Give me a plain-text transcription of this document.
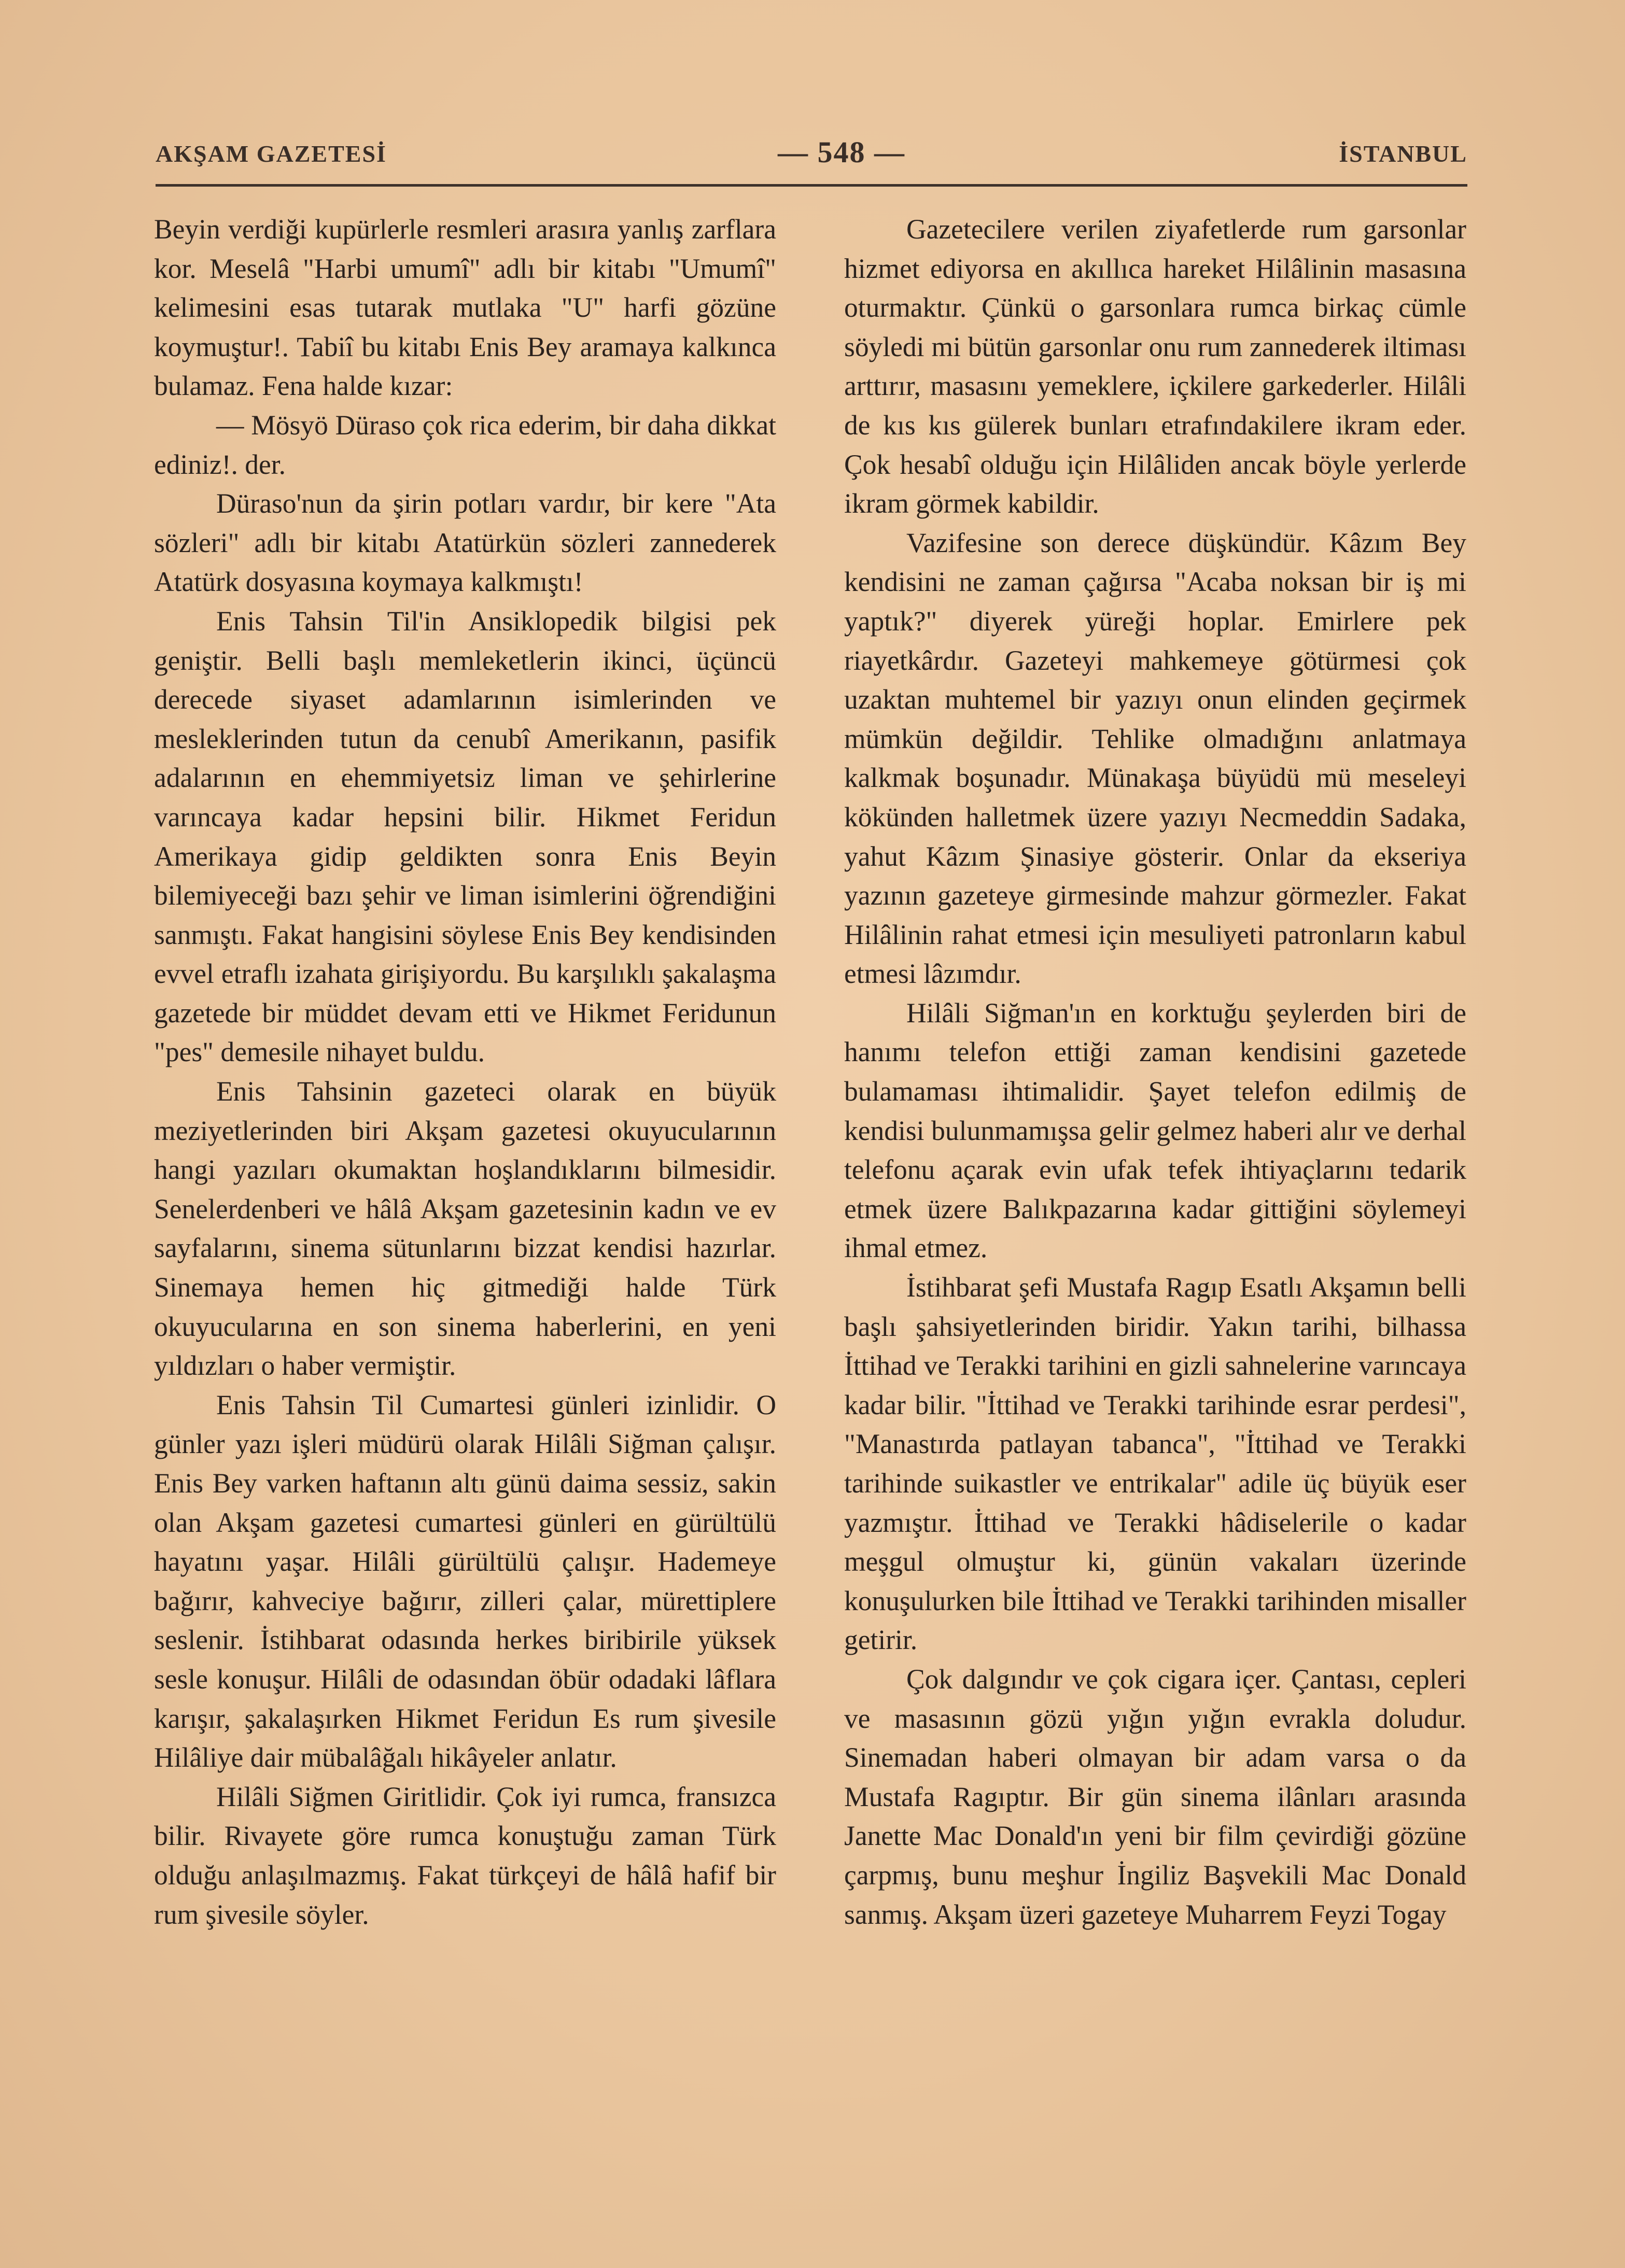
AKŞAM GAZETESİ	— 548 —	İSTANBUL

Beyin verdiği kupürlerle resmleri arasıra yanlış zarflara kor. Meselâ "Harbi umumî" adlı bir kitabı "Umumî" kelimesini esas tutarak mutlaka "U" harfi gözüne koymuştur!. Tabiî bu kitabı Enis Bey aramaya kalkınca bulamaz. Fena halde kızar:

— Mösyö Düraso çok rica ederim, bir daha dikkat ediniz!. der.

Düraso'nun da şirin potları vardır, bir kere "Ata sözleri" adlı bir kitabı Atatürkün sözleri zannederek Atatürk dosyasına koymaya kalkmıştı!

Enis Tahsin Til'in Ansiklopedik bilgisi pek geniştir. Belli başlı memleketlerin ikinci, üçüncü derecede siyaset adamlarının isimlerinden ve mesleklerinden tutun da cenubî Amerikanın, pasifik adalarının en ehemmiyetsiz liman ve şehirlerine varıncaya kadar hepsini bilir. Hikmet Feridun Amerikaya gidip geldikten sonra Enis Beyin bilemiyeceği bazı şehir ve liman isimlerini öğrendiğini sanmıştı. Fakat hangisini söylese Enis Bey kendisinden evvel etraflı izahata girişiyordu. Bu karşılıklı şakalaşma gazetede bir müddet devam etti ve Hikmet Feridunun "pes" demesile nihayet buldu.

Enis Tahsinin gazeteci olarak en büyük meziyetlerinden biri Akşam gazetesi okuyucularının hangi yazıları okumaktan hoşlandıklarını bilmesidir. Senelerdenberi ve hâlâ Akşam gazetesinin kadın ve ev sayfalarını, sinema sütunlarını bizzat kendisi hazırlar. Sinemaya hemen hiç gitmediği halde Türk okuyucularına en son sinema haberlerini, en yeni yıldızları o haber vermiştir.

Enis Tahsin Til Cumartesi günleri izinlidir. O günler yazı işleri müdürü olarak Hilâli Siğman çalışır. Enis Bey varken haftanın altı günü daima sessiz, sakin olan Akşam gazetesi cumartesi günleri en gürültülü hayatını yaşar. Hilâli gürültülü çalışır. Hademeye bağırır, kahveciye bağırır, zilleri çalar, mürettiplere seslenir. İstihbarat odasında herkes biribirile yüksek sesle konuşur. Hilâli de odasından öbür odadaki lâflara karışır, şakalaşırken Hikmet Feridun Es rum şivesile Hilâliye dair mübalâğalı hikâyeler anlatır.

Hilâli Siğmen Giritlidir. Çok iyi rumca, fransızca bilir. Rivayete göre rumca konuştuğu zaman Türk olduğu anlaşılmazmış. Fakat türkçeyi de hâlâ hafif bir rum şivesile söyler.

Gazetecilere verilen ziyafetlerde rum garsonlar hizmet ediyorsa en akıllıca hareket Hilâlinin masasına oturmaktır. Çünkü o garsonlara rumca birkaç cümle söyledi mi bütün garsonlar onu rum zannederek iltiması arttırır, masasını yemeklere, içkilere garkederler. Hilâli de kıs kıs gülerek bunları etrafındakilere ikram eder. Çok hesabî olduğu için Hilâliden ancak böyle yerlerde ikram görmek kabildir.

Vazifesine son derece düşkündür. Kâzım Bey kendisini ne zaman çağırsa "Acaba noksan bir iş mi yaptık?" diyerek yüreği hoplar. Emirlere pek riayetkârdır. Gazeteyi mahkemeye götürmesi çok uzaktan muhtemel bir yazıyı onun elinden geçirmek mümkün değildir. Tehlike olmadığını anlatmaya kalkmak boşunadır. Münakaşa büyüdü mü meseleyi kökünden halletmek üzere yazıyı Necmeddin Sadaka, yahut Kâzım Şinasiye gösterir. Onlar da ekseriya yazının gazeteye girmesinde mahzur görmezler. Fakat Hilâlinin rahat etmesi için mesuliyeti patronların kabul etmesi lâzımdır.

Hilâli Siğman'ın en korktuğu şeylerden biri de hanımı telefon ettiği zaman kendisini gazetede bulamaması ihtimalidir. Şayet telefon edilmiş de kendisi bulunmamışsa gelir gelmez haberi alır ve derhal telefonu açarak evin ufak tefek ihtiyaçlarını tedarik etmek üzere Balıkpazarına kadar gittiğini söylemeyi ihmal etmez.

İstihbarat şefi Mustafa Ragıp Esatlı Akşamın belli başlı şahsiyetlerinden biridir. Yakın tarihi, bilhassa İttihad ve Terakki tarihini en gizli sahnelerine varıncaya kadar bilir. "İttihad ve Terakki tarihinde esrar perdesi", "Manastırda patlayan tabanca", "İttihad ve Terakki tarihinde suikastler ve entrikalar" adile üç büyük eser yazmıştır. İttihad ve Terakki hâdiselerile o kadar meşgul olmuştur ki, günün vakaları üzerinde konuşulurken bile İttihad ve Terakki tarihinden misaller getirir.

Çok dalgındır ve çok cigara içer. Çantası, cepleri ve masasının gözü yığın yığın evrakla doludur. Sinemadan haberi olmayan bir adam varsa o da Mustafa Ragıptır. Bir gün sinema ilânları arasında Janette Mac Donald'ın yeni bir film çevirdiği gözüne çarpmış, bunu meşhur İngiliz Başvekili Mac Donald sanmış. Akşam üzeri gazeteye Muharrem Feyzi Togay
